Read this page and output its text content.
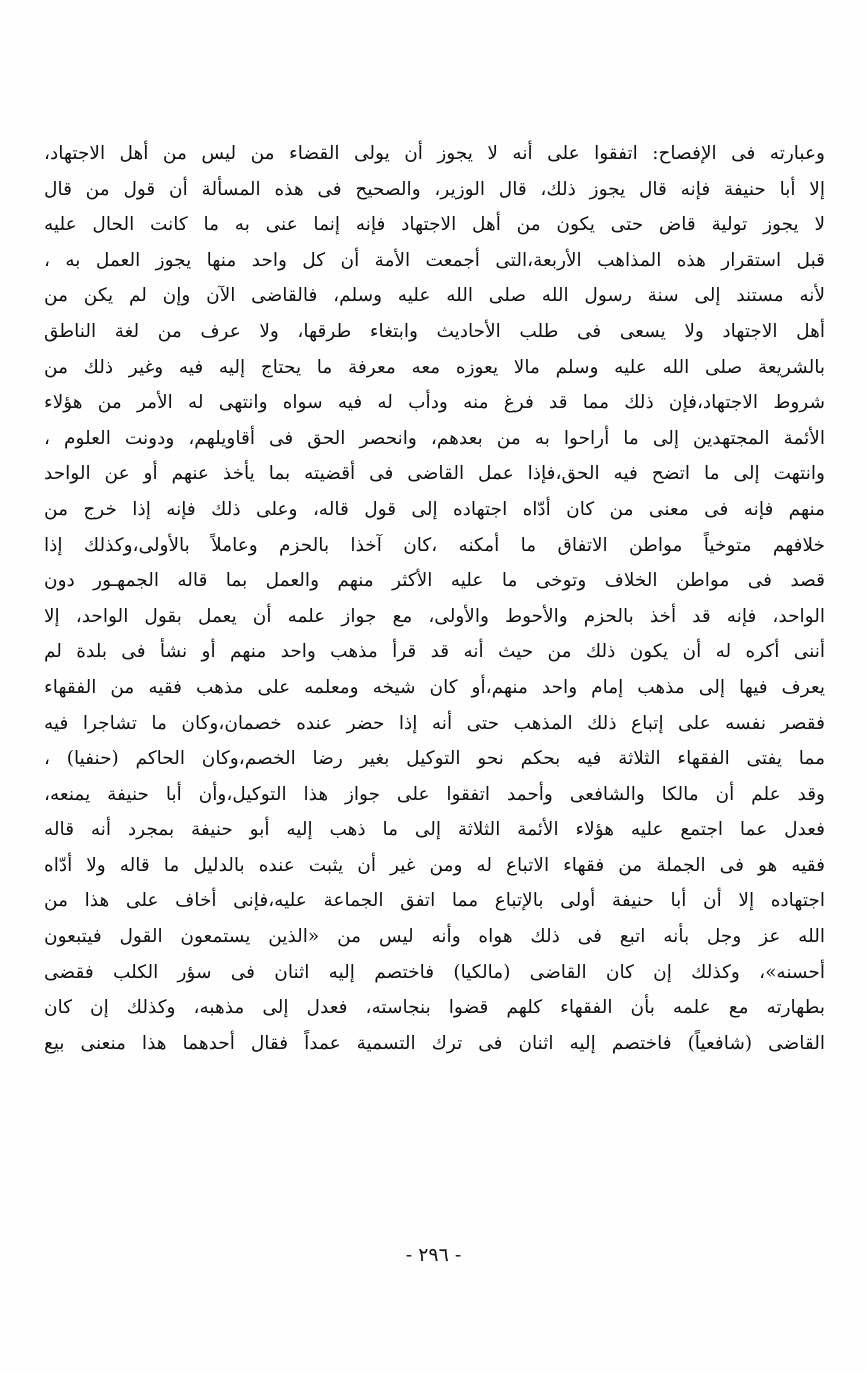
وعبارته فى الإفصاح: اتفقوا على أنه لا يجوز أن يولى القضاء من ليس من أهل الاجتهاد،
إلا أبا حنيفة فإنه قال يجوز ذلك، قال الوزير، والصحيح فى هذه المسألة أن قول من قال
لا يجوز تولية قاض حتى يكون من أهل الاجتهاد فإنه إنما عنى به ما كانت الحال عليه
قبل استقرار هذه المذاهب الأربعة،التى أجمعت الأمة أن كل واحد منها يجوز العمل به ،
لأنه مستند إلى سنة رسول الله صلى الله عليه وسلم، فالقاضى الآن وإن لم يكن من
أهل الاجتهاد ولا يسعى فى طلب الأحاديث وابتغاء طرقها، ولا عرف من لغة الناطق
بالشريعة صلى الله عليه وسلم مالا يعوزه معه معرفة ما يحتاج إليه فيه وغير ذلك من
شروط الاجتهاد،فإن ذلك مما قد فرغ منه ودأب له فيه سواه وانتهى له الأمر من هؤلاء
الأئمة المجتهدين إلى ما أراحوا به من بعدهم، وانحصر الحق فى أقاويلهم، ودونت العلوم ،
وانتهت إلى ما اتضح فيه الحق،فإذا عمل القاضى فى أقضيته بما يأخذ عنهم أو عن الواحد
منهم فإنه فى معنى من كان أدّاه اجتهاده إلى قول قاله، وعلى ذلك فإنه إذا خرج من
خلافهم متوخياً مواطن الاتفاق ما أمكنه ،كان آخذا بالحزم وعاملاً بالأولى،وكذلك إذا
قصد فى مواطن الخلاف وتوخى ما عليه الأكثر منهم والعمل بما قاله الجمهـور دون
الواحد، فإنه قد أخذ بالحزم والأحوط والأولى، مع جواز علمه أن يعمل بقول الواحد، إلا
أننى أكره له أن يكون ذلك من حيث أنه قد قرأ مذهب واحد منهم أو نشأ فى بلدة لم
يعرف فيها إلى مذهب إمام واحد منهم،أو كان شيخه ومعلمه على مذهب فقيه من الفقهاء
فقصر نفسه على إتباع ذلك المذهب حتى أنه إذا حضر عنده خصمان،وكان ما تشاجرا فيه
مما يفتى الفقهاء الثلاثة فيه بحكم نحو التوكيل بغير رضا الخصم،وكان الحاكم (حنفيا) ،
وقد علم أن مالكا والشافعى وأحمد اتفقوا على جواز هذا التوكيل،وأن أبا حنيفة يمنعه،
فعدل عما اجتمع عليه هؤلاء الأئمة الثلاثة إلى ما ذهب إليه أبو حنيفة بمجرد أنه قاله
فقيه هو فى الجملة من فقهاء الاتباع له ومن غير أن يثبت عنده بالدليل ما قاله ولا أدّاه
اجتهاده إلا أن أبا حنيفة أولى بالإتباع مما اتفق الجماعة عليه،فإنى أخاف على هذا من
الله عز وجل بأنه اتبع فى ذلك هواه وأنه ليس من «الذين يستمعون القول فيتبعون
أحسنه»، وكذلك إن كان القاضى (مالكيا) فاختصم إليه اثنان فى سؤر الكلب فقضى
بطهارته مع علمه بأن الفقهاء كلهم قضوا بنجاسته، فعدل إلى مذهبه، وكذلك إن كان
القاضى (شافعياً) فاختصم إليه اثنان فى ترك التسمية عمداً فقال أحدهما هذا منعنى بيع
- ٢٩٦ -
